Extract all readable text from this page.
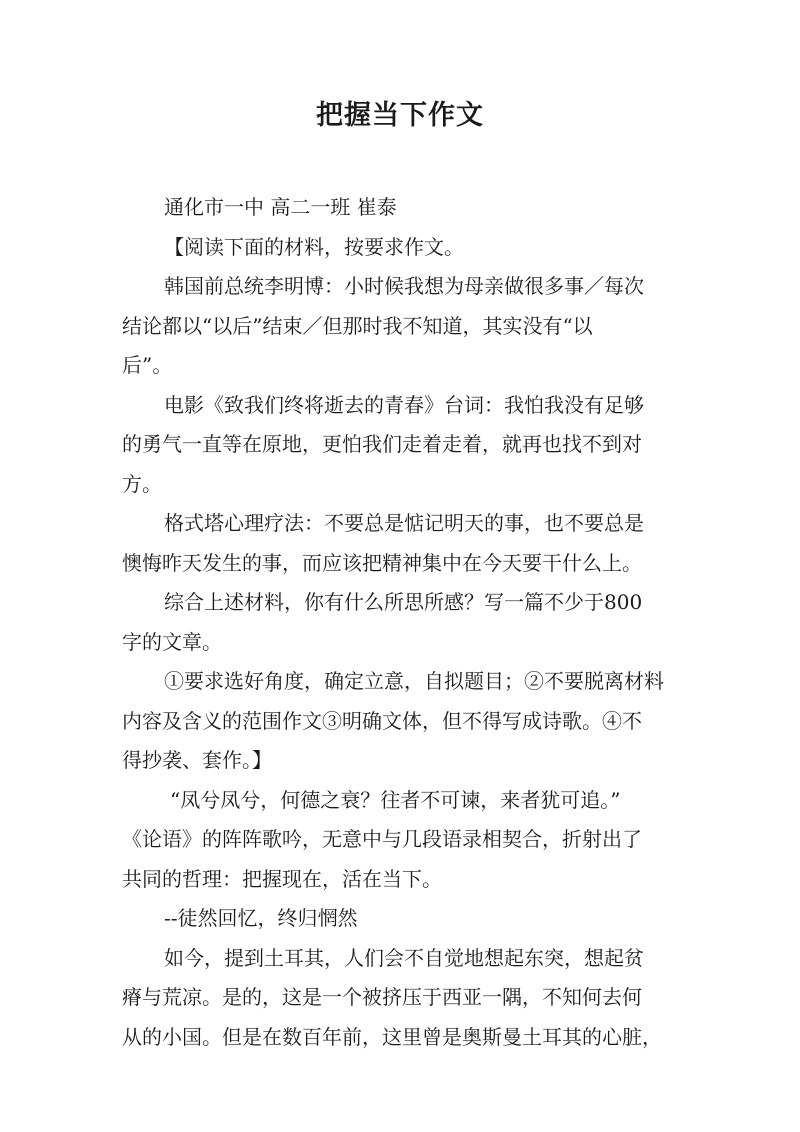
把握当下作文
通化市一中 高二一班 崔泰
【阅读下面的材料，按要求作文。
韩国前总统李明博：小时候我想为母亲做很多事／每次
结论都以“以后”结束／但那时我不知道，其实没有“以
后”。
电影《致我们终将逝去的青春》台词：我怕我没有足够
的勇气一直等在原地，更怕我们走着走着，就再也找不到对
方。
格式塔心理疗法：不要总是惦记明天的事，也不要总是
懊悔昨天发生的事，而应该把精神集中在今天要干什么上。
综合上述材料，你有什么所思所感？写一篇不少于800
字的文章。
①要求选好角度，确定立意，自拟题目；②不要脱离材料
内容及含义的范围作文③明确文体，但不得写成诗歌。④不
得抄袭、套作。】
“凤兮凤兮，何德之衰？往者不可谏，来者犹可追。”
《论语》的阵阵歌吟，无意中与几段语录相契合，折射出了
共同的哲理：把握现在，活在当下。
--徒然回忆，终归惘然
如今，提到土耳其，人们会不自觉地想起东突，想起贫
瘠与荒凉。是的，这是一个被挤压于西亚一隅，不知何去何
从的小国。但是在数百年前，这里曾是奥斯曼土耳其的心脏，
